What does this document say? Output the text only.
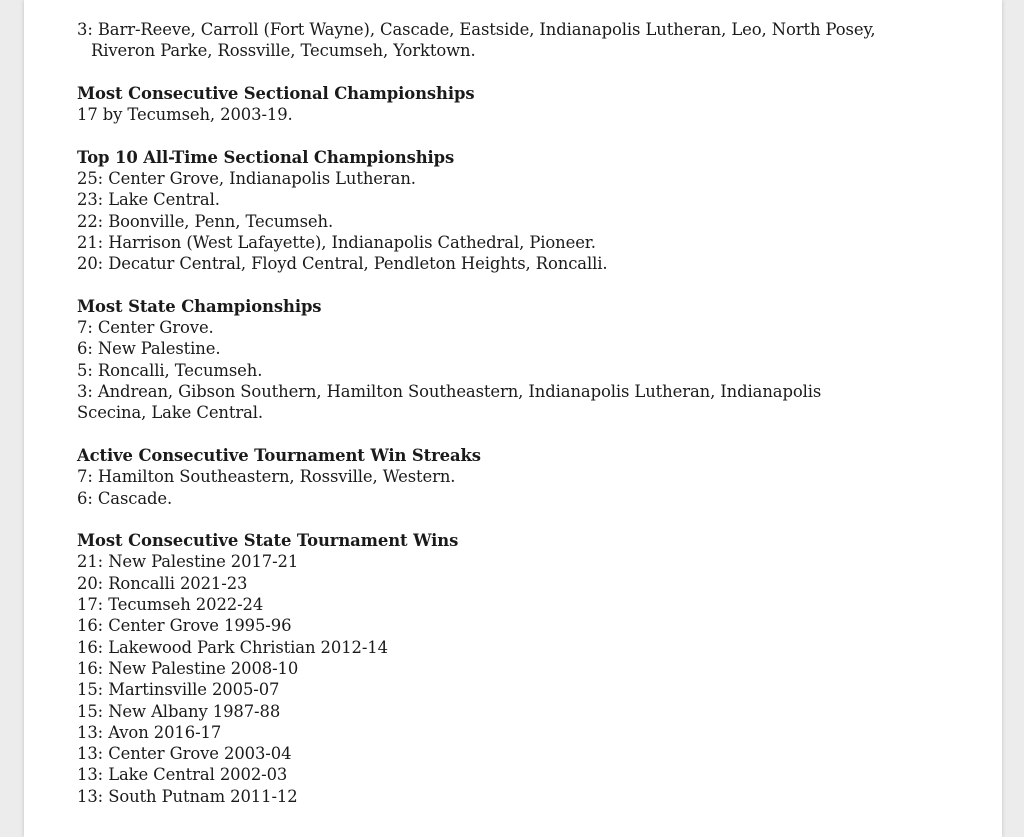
3: Barr-Reeve, Carroll (Fort Wayne), Cascade, Eastside, Indianapolis Lutheran, Leo, North Posey,
Riveron Parke, Rossville, Tecumseh, Yorktown.
Most Consecutive Sectional Championships
17 by Tecumseh, 2003-19.
Top 10 All-Time Sectional Championships
25: Center Grove, Indianapolis Lutheran.
23: Lake Central.
22: Boonville, Penn, Tecumseh.
21: Harrison (West Lafayette), Indianapolis Cathedral, Pioneer.
20: Decatur Central, Floyd Central, Pendleton Heights, Roncalli.
Most State Championships
7: Center Grove.
6: New Palestine.
5: Roncalli, Tecumseh.
3: Andrean, Gibson Southern, Hamilton Southeastern, Indianapolis Lutheran, Indianapolis
Scecina, Lake Central.
Active Consecutive Tournament Win Streaks
7: Hamilton Southeastern, Rossville, Western.
6: Cascade.
Most Consecutive State Tournament Wins
21: New Palestine 2017-21
20: Roncalli 2021-23
17: Tecumseh 2022-24
16: Center Grove 1995-96
16: Lakewood Park Christian 2012-14
16: New Palestine 2008-10
15: Martinsville 2005-07
15: New Albany 1987-88
13: Avon 2016-17
13: Center Grove 2003-04
13: Lake Central 2002-03
13: South Putnam 2011-12
